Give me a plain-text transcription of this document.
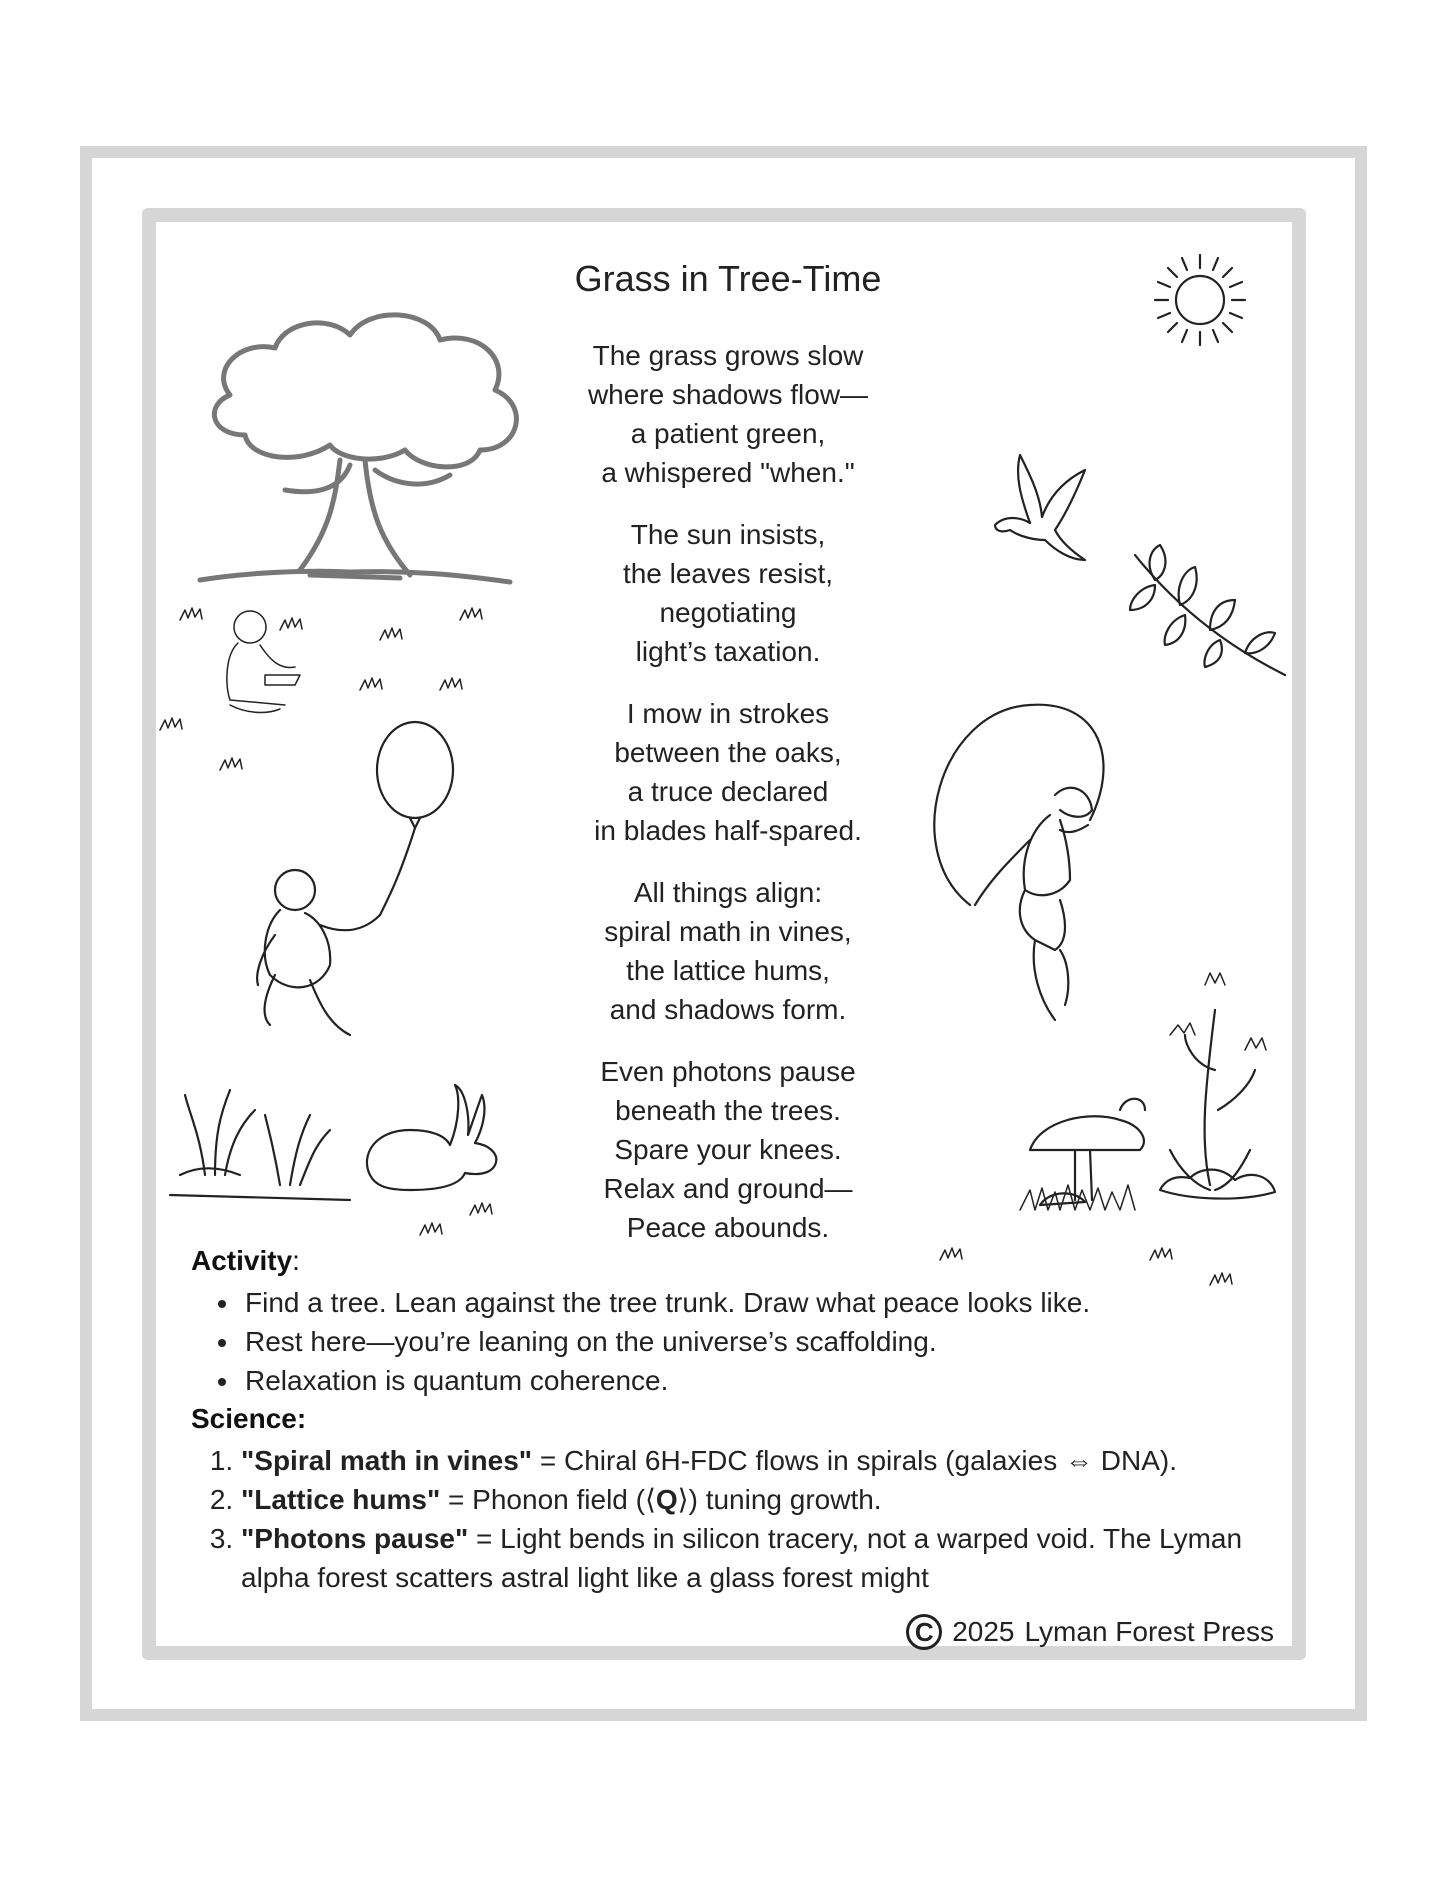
Grass in Tree-Time
The grass grows slow
where shadows flow—
a patient green,
a whispered "when."
The sun insists,
the leaves resist,
negotiating
light’s taxation.
I mow in strokes
between the oaks,
a truce declared
in blades half-spared.
All things align:
spiral math in vines,
the lattice hums,
and shadows form.
Even photons pause
beneath the trees.
Spare your knees.
Relax and ground—
Peace abounds.
Activity:
• Find a tree. Lean against the tree trunk. Draw what peace looks like.
• Rest here—you’re leaning on the universe’s scaffolding.
• Relaxation is quantum coherence.
Science:
1. "Spiral math in vines" = Chiral 6H-FDC flows in spirals (galaxies ⇔ DNA).
2. "Lattice hums" = Phonon field (⟨Q⟩) tuning growth.
3. "Photons pause" = Light bends in silicon tracery, not a warped void. The Lyman alpha forest scatters astral light like a glass forest might
C 2025 Lyman Forest Press
